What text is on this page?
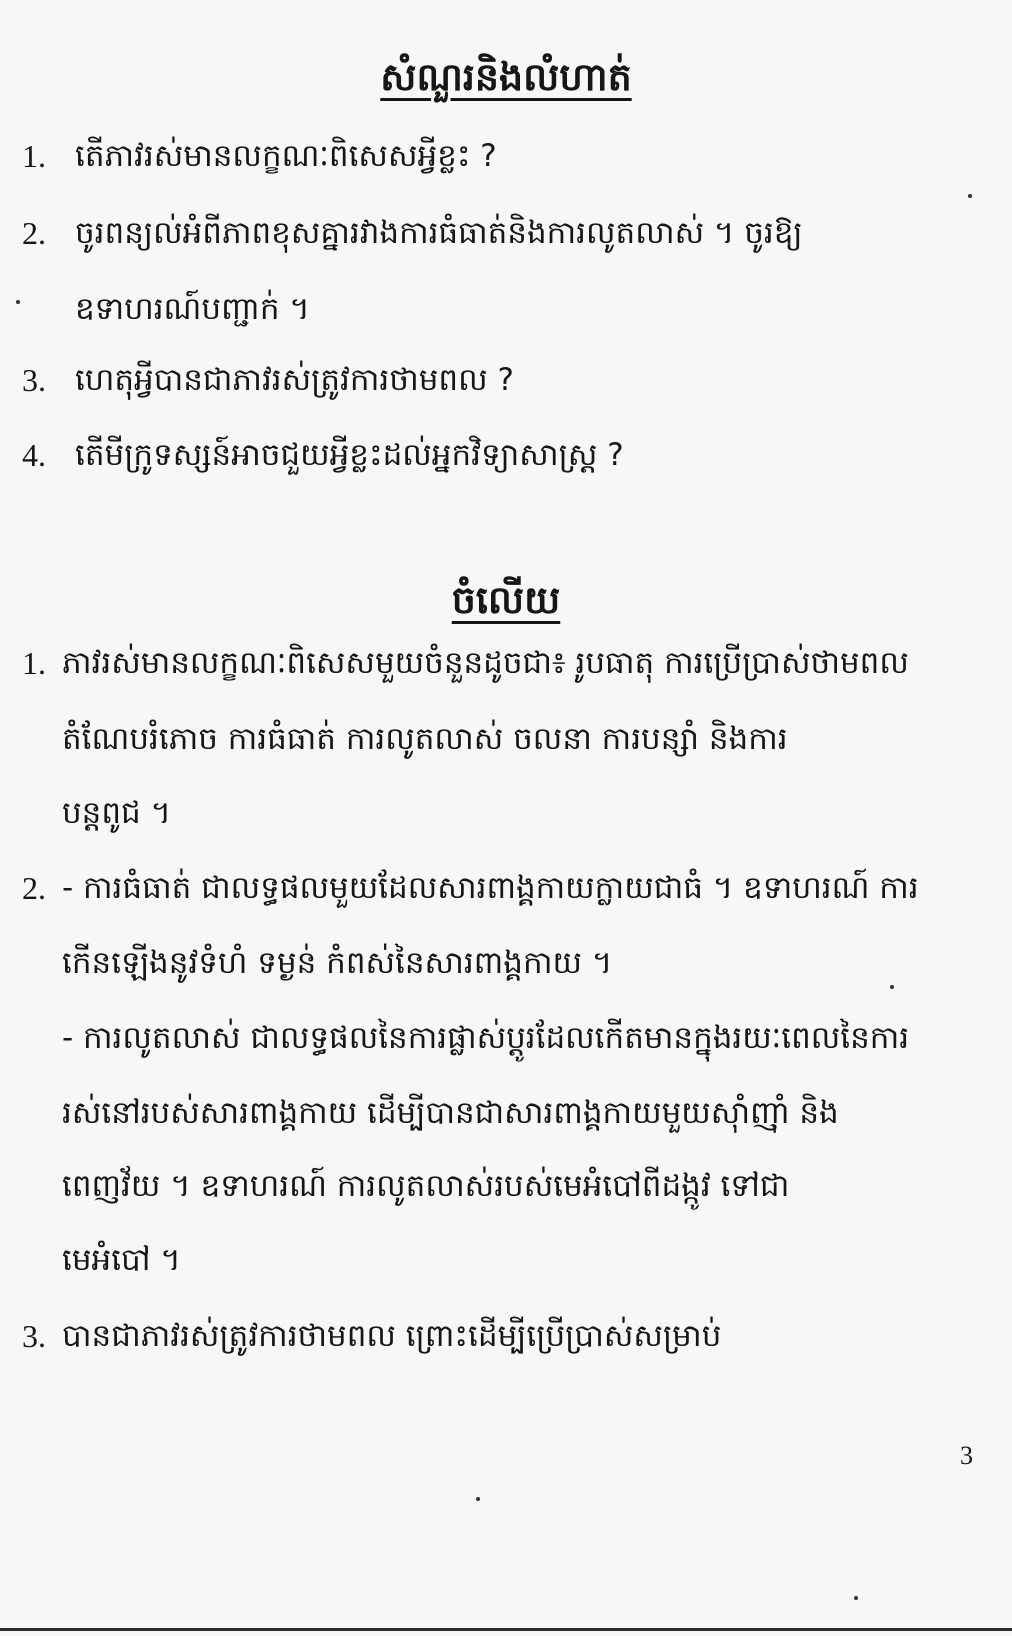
សំណួរនិងលំហាត់
1. តើភាវរស់មានលក្ខណៈពិសេសអ្វីខ្លះ ?
2. ចូរពន្យល់អំពីភាពខុសគ្នារវាងការធំធាត់និងការលូតលាស់ ។ ចូរឱ្យ
ឧទាហរណ៍បញ្ជាក់ ។
3. ហេតុអ្វីបានជាភាវរស់ត្រូវការថាមពល ?
4. តើមីក្រូទស្សន៍អាចជួយអ្វីខ្លះដល់អ្នកវិទ្យាសាស្ត្រ ?
ចំលើយ
1. ភាវរស់មានលក្ខណៈពិសេសមួយចំនួនដូចជា៖ រូបធាតុ ការប្រើប្រាស់ថាមពល
តំណែបរំភោច ការធំធាត់ ការលូតលាស់ ចលនា ការបន្សាំ និងការ
បន្តពូជ ។
2. - ការធំធាត់ ជាលទ្ធផលមួយដែលសារពាង្គកាយក្លាយជាធំ ។ ឧទាហរណ៍ ការ
កើនឡើងនូវទំហំ ទម្ងន់ កំពស់នៃសារពាង្គកាយ ។
- ការលូតលាស់ ជាលទ្ធផលនៃការផ្លាស់ប្ដូរដែលកើតមានក្នុងរយៈពេលនៃការ
រស់នៅរបស់សារពាង្គកាយ ដើម្បីបានជាសារពាង្គកាយមួយស៊ាំញ៉ាំ និង
ពេញវ័យ ។ ឧទាហរណ៍ ការលូតលាស់របស់មេអំបៅពីដង្កូវ ទៅជា
មេអំបៅ ។
3. បានជាភាវរស់ត្រូវការថាមពល ព្រោះដើម្បីប្រើប្រាស់សម្រាប់
3
